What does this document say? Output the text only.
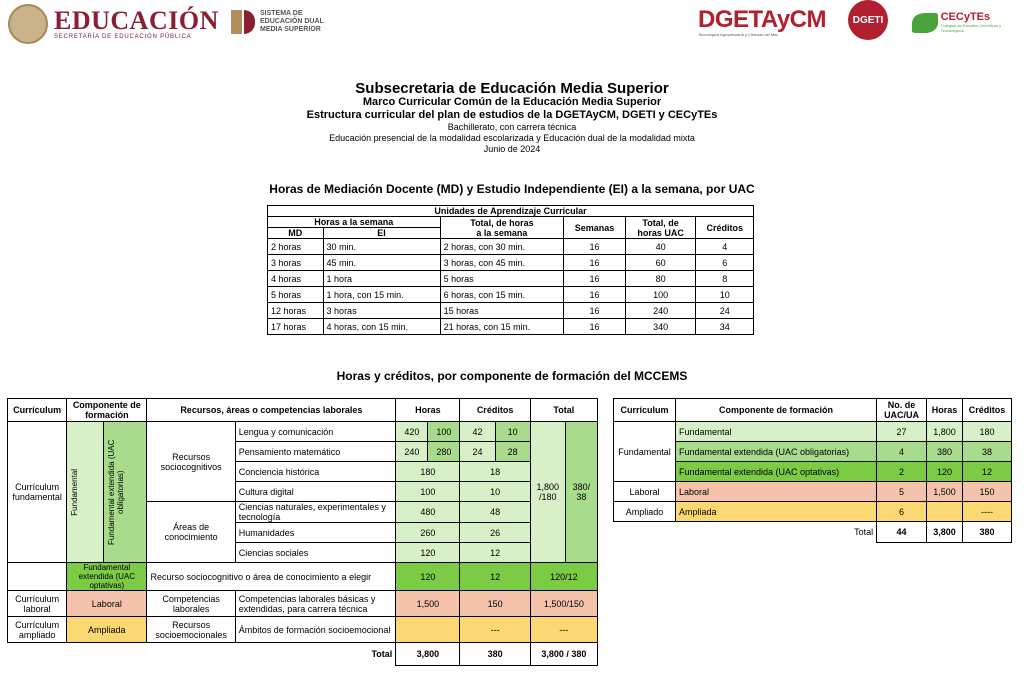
EDUCACIÓN
SECRETARÍA DE EDUCACIÓN PÚBLICA
SISTEMA DE
EDUCACIÓN DUAL
MEDIA SUPERIOR	DGETAyCM
Tecnológica Agropecuaria y Ciencias del Mar
DGETI	CECyTEs
Colegios de Estudios Científicos y Tecnológicos
Subsecretaria de Educación Media Superior
Marco Curricular Común de la Educación Media Superior
Estructura curricular del plan de estudios de la DGETAyCM, DGETI y CECyTEs
Bachillerato, con carrera técnica
Educación presencial de la modalidad escolarizada y Educación dual de la modalidad mixta
Junio de 2024
Horas de Mediación Docente (MD) y Estudio Independiente (EI) a la semana, por UAC
Unidades de Aprendizaje Curricular					
Horas a la semana		Total, de horas
a la semana	Semanas	Total, de
horas UAC	Créditos
MD	EI				
2 horas	30 min.	2 horas, con 30 min.	16	40	4
3 horas	45 min.	3 horas, con 45 min.	16	60	6
4 horas	1 hora	5 horas	16	80	8
5 horas	1 hora, con 15 min.	6 horas, con 15 min.	16	100	10
12 horas	3 horas	15 horas	16	240	24
17 horas	4 horas, con 15 min.	21 horas, con 15 min.	16	340	34
Horas y créditos, por componente de formación del MCCEMS
Currículum	Componente de formación		Recursos, áreas o competencias laborales		Horas		Créditos		Total	
Currículum fundamental	Fundamental	Fundamental extendida (UAC obligatorias)	Recursos sociocognitivos	Lengua y comunicación	420	100	42	10	1,800 /180	380/ 38
				Pensamiento matemático	240	280	24	28		
				Conciencia histórica	180		18			
				Cultura digital	100		10			
			Áreas de conocimiento	Ciencias naturales, experimentales y tecnología	480		48			
				Humanidades	260		26			
				Ciencias sociales	120		12			
	Fundamental extendida (UAC optativas)		Recurso sociocognitivo o área de conocimiento a elegir		120		12		120/12	
Currículum laboral	Laboral		Competencias laborales	Competencias laborales básicas y extendidas, para carrera técnica	1,500		150		1,500/150	
Currículum ampliado	Ampliada		Recursos socioemocionales	Ámbitos de formación socioemocional			---		---	
Total					3,800		380		3,800 / 380	
Currículum	Componente de formación	No. de UAC/UA	Horas	Créditos
Fundamental	Fundamental	27	1,800	180
	Fundamental extendida (UAC obligatorias)	4	380	38
	Fundamental extendida (UAC optativas)	2	120	12
Laboral	Laboral	5	1,500	150
Ampliado	Ampliada	6		----
Total		44	3,800	380
